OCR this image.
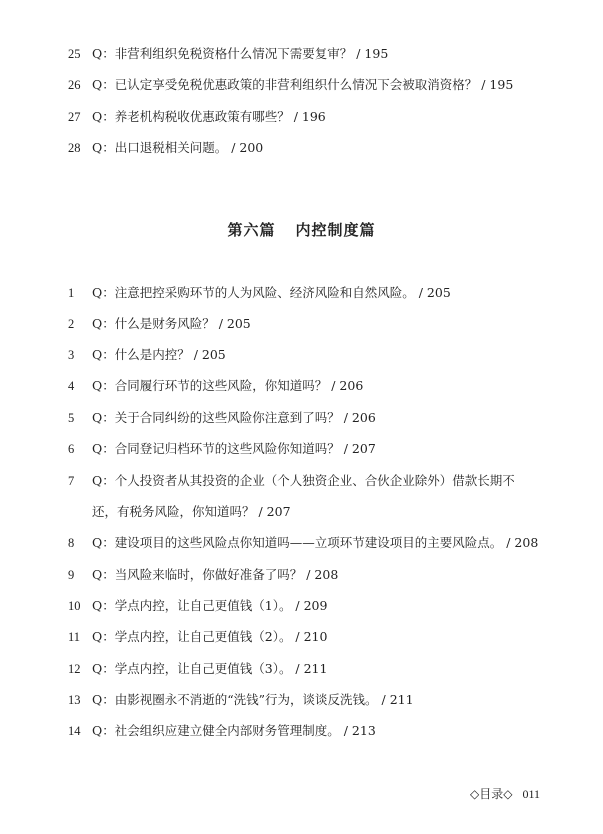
25 Q：非营利组织免税资格什么情况下需要复审？ / 195
26 Q：已认定享受免税优惠政策的非营利组织什么情况下会被取消资格？ / 195
27 Q：养老机构税收优惠政策有哪些？ / 196
28 Q：出口退税相关问题。 / 200
第六篇 内控制度篇
1 Q：注意把控采购环节的人为风险、经济风险和自然风险。 / 205
2 Q：什么是财务风险？ / 205
3 Q：什么是内控？ / 205
4 Q：合同履行环节的这些风险，你知道吗？ / 206
5 Q：关于合同纠纷的这些风险你注意到了吗？ / 206
6 Q：合同登记归档环节的这些风险你知道吗？ / 207
7 Q：个人投资者从其投资的企业（个人独资企业、合伙企业除外）借款长期不
还，有税务风险，你知道吗？ / 207
8 Q：建设项目的这些风险点你知道吗——立项环节建设项目的主要风险点。 / 208
9 Q：当风险来临时，你做好准备了吗？ / 208
10 Q：学点内控，让自己更值钱（1）。 / 209
11 Q：学点内控，让自己更值钱（2）。 / 210
12 Q：学点内控，让自己更值钱（3）。 / 211
13 Q：由影视圈永不消逝的“洗钱”行为，谈谈反洗钱。 / 211
14 Q：社会组织应建立健全内部财务管理制度。 / 213
◇目录◇ 011
